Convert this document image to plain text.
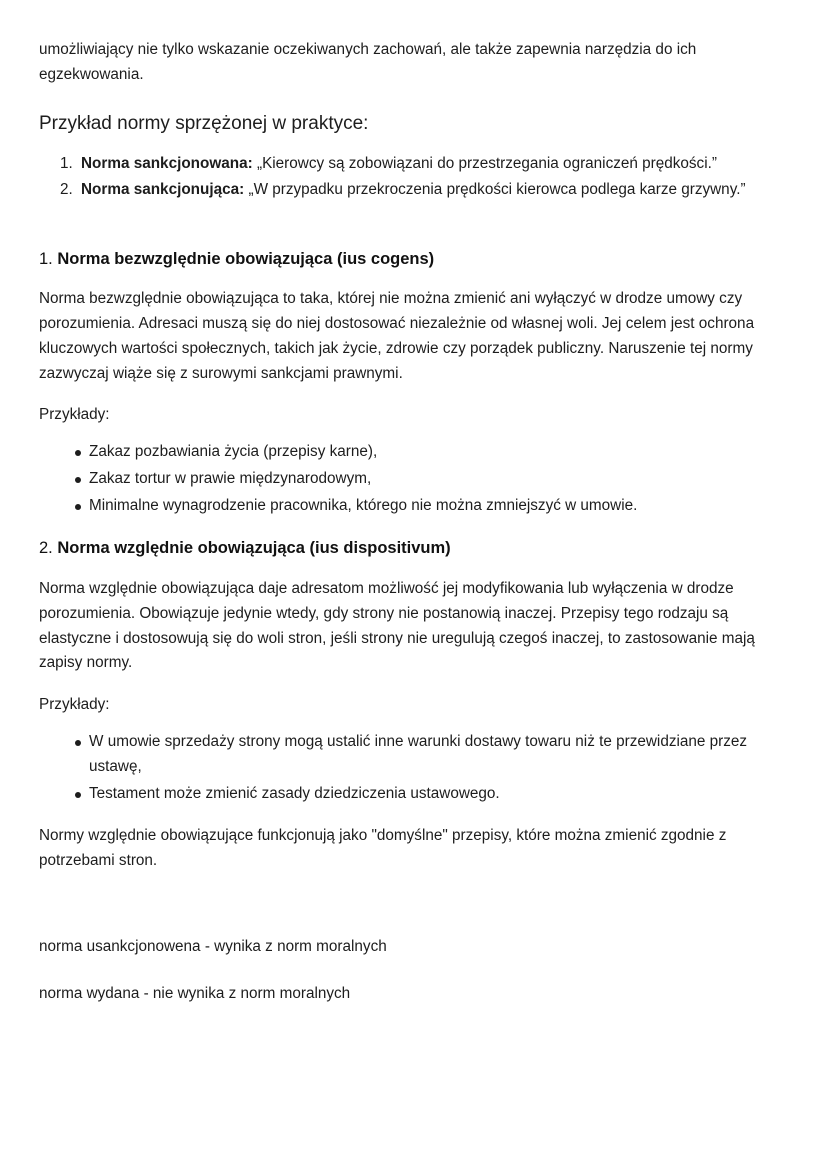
umożliwiający nie tylko wskazanie oczekiwanych zachowań, ale także zapewnia narzędzia do ich egzekwowania.

Przykład normy sprzężonej w praktyce:

1. Norma sankcjonowana: „Kierowcy są zobowiązani do przestrzegania ograniczeń prędkości.”
2. Norma sankcjonująca: „W przypadku przekroczenia prędkości kierowca podlega karze grzywny.”

1. Norma bezwzględnie obowiązująca (ius cogens)

Norma bezwzględnie obowiązująca to taka, której nie można zmienić ani wyłączyć w drodze umowy czy porozumienia. Adresaci muszą się do niej dostosować niezależnie od własnej woli. Jej celem jest ochrona kluczowych wartości społecznych, takich jak życie, zdrowie czy porządek publiczny. Naruszenie tej normy zazwyczaj wiąże się z surowymi sankcjami prawnymi.

Przykłady:

Zakaz pozbawiania życia (przepisy karne),
Zakaz tortur w prawie międzynarodowym,
Minimalne wynagrodzenie pracownika, którego nie można zmniejszyć w umowie.

2. Norma względnie obowiązująca (ius dispositivum)

Norma względnie obowiązująca daje adresatom możliwość jej modyfikowania lub wyłączenia w drodze porozumienia. Obowiązuje jedynie wtedy, gdy strony nie postanowią inaczej. Przepisy tego rodzaju są elastyczne i dostosowują się do woli stron, jeśli strony nie uregulują czegoś inaczej, to zastosowanie mają zapisy normy.

Przykłady:

W umowie sprzedaży strony mogą ustalić inne warunki dostawy towaru niż te przewidziane przez ustawę,
Testament może zmienić zasady dziedziczenia ustawowego.

Normy względnie obowiązujące funkcjonują jako "domyślne" przepisy, które można zmienić zgodnie z potrzebami stron.

norma usankcjonowena - wynika z norm moralnych

norma wydana - nie wynika z norm moralnych
